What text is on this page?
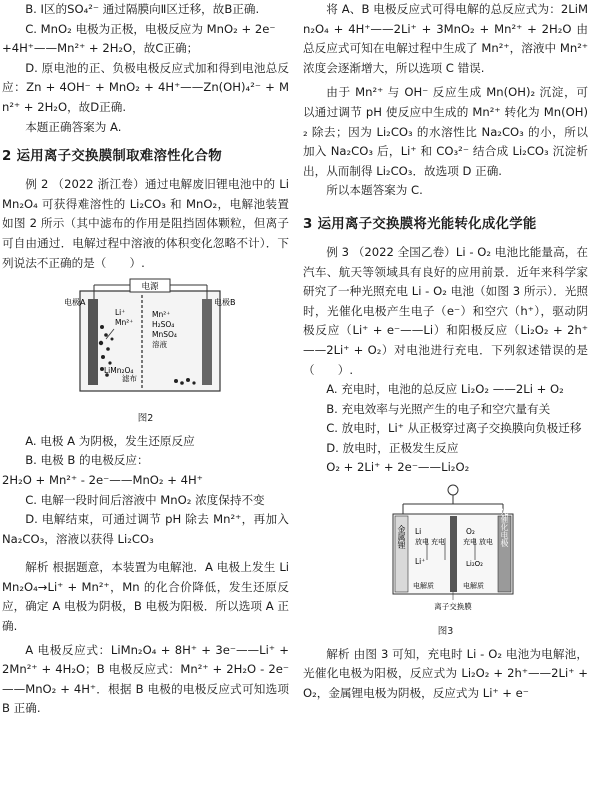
B. Ⅰ区的SO₄²⁻ 通过隔膜向Ⅱ区迁移，故B正确.

C. MnO₂ 电极为正极，电极反应为 MnO₂ + 2e⁻

+4H⁺——Mn²⁺ + 2H₂O，故C正确；

D. 原电池的正、负极电极反应式加和得到电池总反应：Zn + 4OH⁻ + MnO₂ + 4H⁺——Zn(OH)₄²⁻ + Mn²⁺ + 2H₂O，故D正确.

本题正确答案为 A.

2 运用离子交换膜制取难溶性化合物

例 2 （2022 浙江卷）通过电解废旧锂电池中的 LiMn₂O₄ 可获得难溶性的 Li₂CO₃ 和 MnO₂，电解池装置如图 2 所示（其中滤布的作用是阻挡固体颗粒，但离子可自由通过．电解过程中溶液的体积变化忽略不计）．下列说法不正确的是（　　）.

电源
电极A	电极B
滤布
Li⁺
Mn²⁺
LiMn₂O₄
Mn²⁺
H₂SO₄
MnSO₄
溶液
图2

A. 电极 A 为阴极，发生还原反应

B. 电极 B 的电极反应：

2H₂O + Mn²⁺ - 2e⁻——MnO₂ + 4H⁺

C. 电解一段时间后溶液中 MnO₂ 浓度保持不变

D. 电解结束，可通过调节 pH 除去 Mn²⁺，再加入 Na₂CO₃，溶液以获得 Li₂CO₃

解析 根据题意，本装置为电解池．A 电极上发生 LiMn₂O₄→Li⁺ + Mn²⁺，Mn 的化合价降低，发生还原反应，确定 A 电极为阴极，B 电极为阳极．所以选项 A 正确.

A 电极反应式：LiMn₂O₄ + 8H⁺ + 3e⁻——Li⁺ + 2Mn²⁺ + 4H₂O；B 电极反应式：Mn²⁺ + 2H₂O - 2e⁻——MnO₂ + 4H⁺．根据 B 电极的电极反应式可知选项 B 正确.

将 A、B 电极反应式可得电解的总反应式为：2LiMn₂O₄ + 4H⁺——2Li⁺ + 3MnO₂ + Mn²⁺ + 2H₂O 由总反应式可知在电解过程中生成了 Mn²⁺，溶液中 Mn²⁺ 浓度会逐渐增大，所以选项 C 错误.

由于 Mn²⁺ 与 OH⁻ 反应生成 Mn(OH)₂ 沉淀，可以通过调节 pH 使反应中生成的 Mn²⁺ 转化为 Mn(OH)₂ 除去；因为 Li₂CO₃ 的水溶性比 Na₂CO₃ 的小，所以加入 Na₂CO₃ 后，Li⁺ 和 CO₃²⁻ 结合成 Li₂CO₃ 沉淀析出，从而制得 Li₂CO₃．故选项 D 正确.

所以本题答案为 C.

3 运用离子交换膜将光能转化成化学能

例 3 （2022 全国乙卷）Li - O₂ 电池比能量高，在汽车、航天等领域具有良好的应用前景．近年来科学家研究了一种光照充电 Li - O₂ 电池（如图 3 所示）．光照时，光催化电极产生电子（e⁻）和空穴（h⁺），驱动阴极反应（Li⁺ + e⁻——Li）和阳极反应（Li₂O₂ + 2h⁺——2Li⁺ + O₂）对电池进行充电．下列叙述错误的是（　　）.

A. 充电时，电池的总反应 Li₂O₂ ——2Li + O₂

B. 充电效率与光照产生的电子和空穴量有关

C. 放电时，Li⁺ 从正极穿过离子交换膜向负极迁移

D. 放电时，正极发生反应

O₂ + 2Li⁺ + 2e⁻——Li₂O₂

金属锂	光催化电极
Li
放电 充电
Li⁺
O₂
充电 放电
Li₂O₂
电解质	电解质
离子交换膜
图3

解析 由图 3 可知，充电时 Li - O₂ 电池为电解池，光催化电极为阳极，反应式为 Li₂O₂ + 2h⁺——2Li⁺ + O₂，金属锂电极为阴极，反应式为 Li⁺ + e⁻
